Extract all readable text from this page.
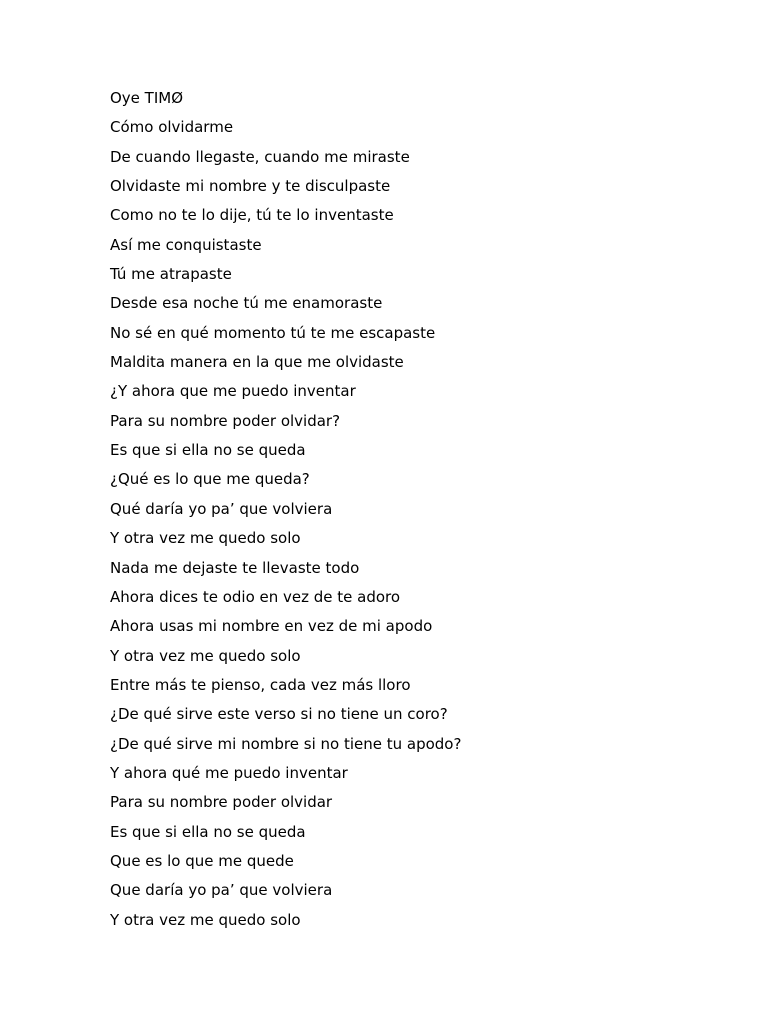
Oye TIMØ
Cómo olvidarme
De cuando llegaste, cuando me miraste
Olvidaste mi nombre y te disculpaste
Como no te lo dije, tú te lo inventaste
Así me conquistaste
Tú me atrapaste
Desde esa noche tú me enamoraste
No sé en qué momento tú te me escapaste
Maldita manera en la que me olvidaste
¿Y ahora que me puedo inventar
Para su nombre poder olvidar?
Es que si ella no se queda
¿Qué es lo que me queda?
Qué daría yo pa’ que volviera
Y otra vez me quedo solo
Nada me dejaste te llevaste todo
Ahora dices te odio en vez de te adoro
Ahora usas mi nombre en vez de mi apodo
Y otra vez me quedo solo
Entre más te pienso, cada vez más lloro
¿De qué sirve este verso si no tiene un coro?
¿De qué sirve mi nombre si no tiene tu apodo?
Y ahora qué me puedo inventar
Para su nombre poder olvidar
Es que si ella no se queda
Que es lo que me quede
Que daría yo pa’ que volviera
Y otra vez me quedo solo
